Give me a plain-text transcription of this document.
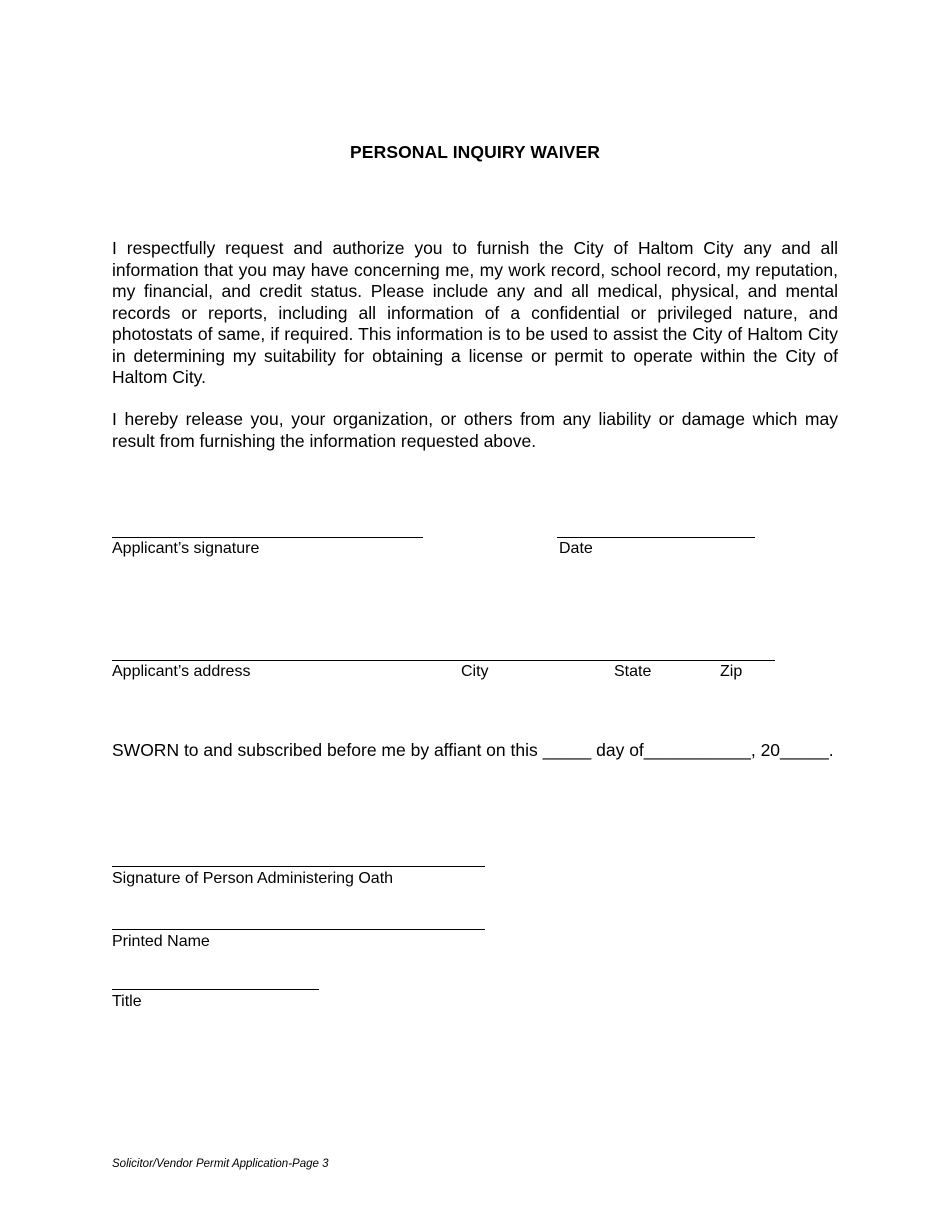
PERSONAL INQUIRY WAIVER
I respectfully request and authorize you to furnish the City of Haltom City any and all information that you may have concerning me, my work record, school record, my reputation, my financial, and credit status. Please include any and all medical, physical, and mental records or reports, including all information of a confidential or privileged nature, and photostats of same, if required. This information is to be used to assist the City of Haltom City in determining my suitability for obtaining a license or permit to operate within the City of Haltom City.
I hereby release you, your organization, or others from any liability or damage which may result from furnishing the information requested above.
Applicant’s signature	Date
Applicant’s address	City	State	Zip
SWORN to and subscribed before me by affiant on this _____ day of___________, 20_____.
Signature of Person Administering Oath
Printed Name
Title
Solicitor/Vendor Permit Application-Page 3
